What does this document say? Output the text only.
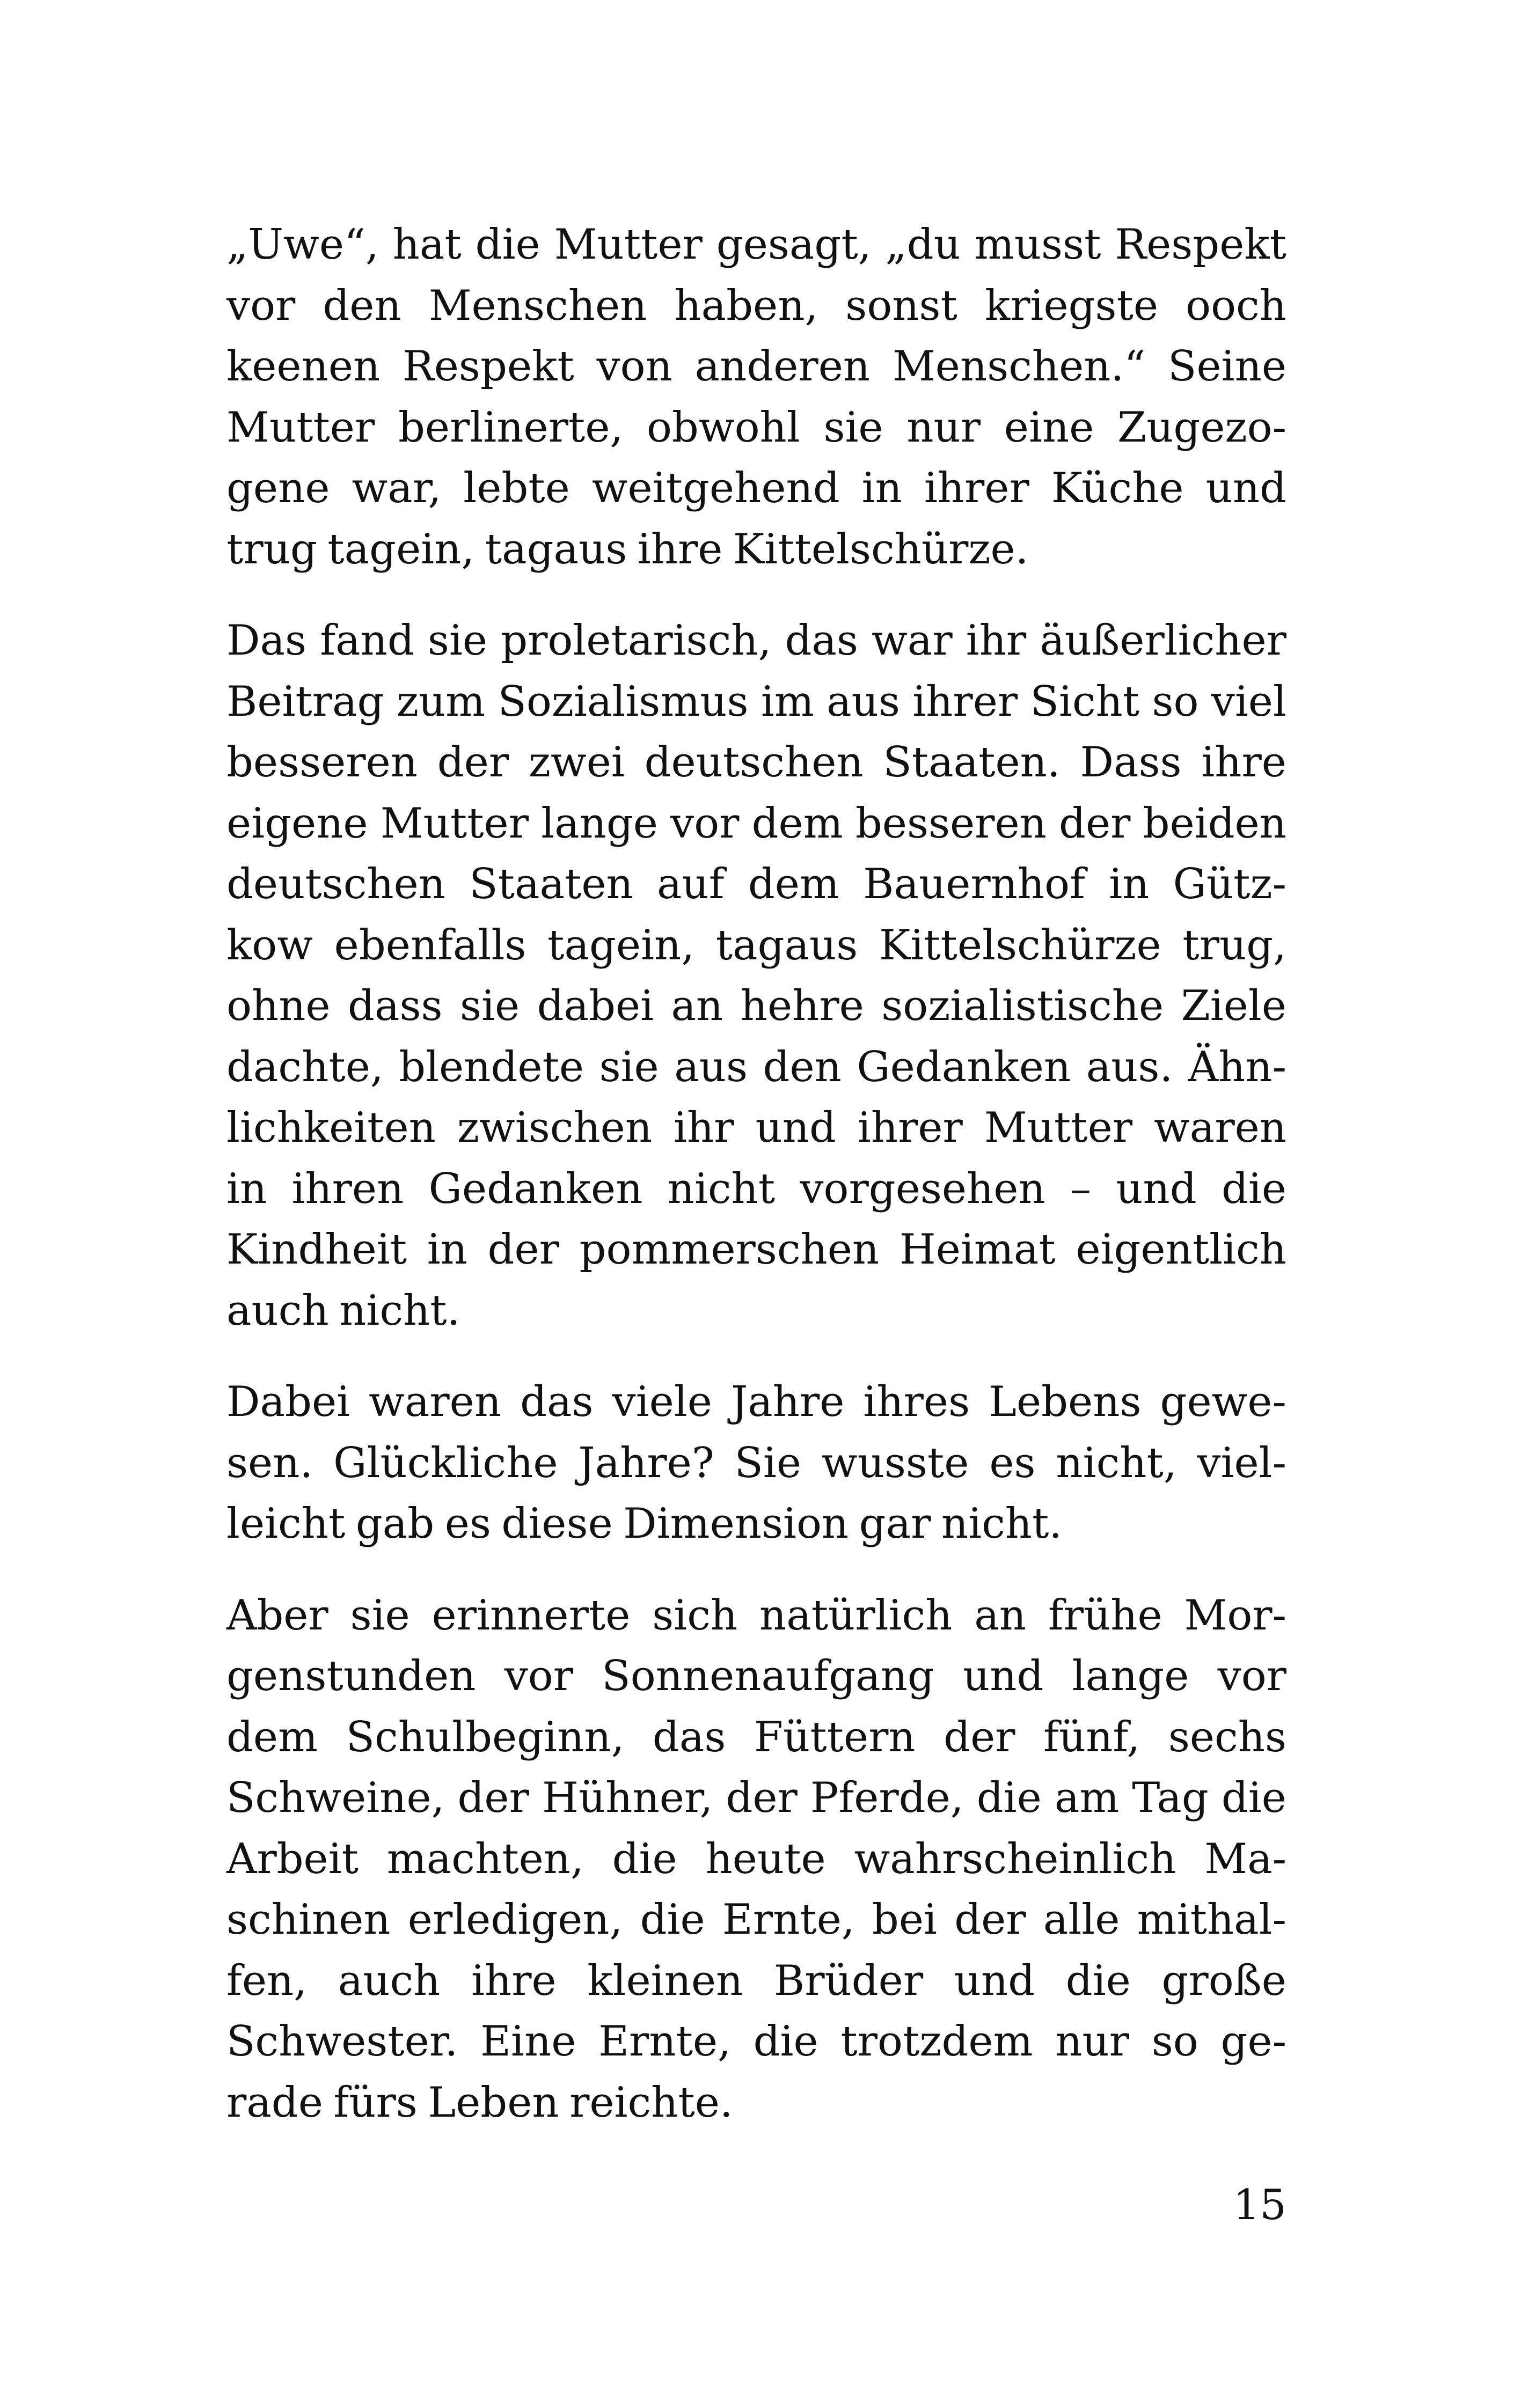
„Uwe“, hat die Mutter gesagt, „du musst Respekt
vor den Menschen haben, sonst kriegste ooch
keenen Respekt von anderen Menschen.“ Seine
Mutter berlinerte, obwohl sie nur eine Zugezo-
gene war, lebte weitgehend in ihrer Küche und
trug tagein, tagaus ihre Kittelschürze.
Das fand sie proletarisch, das war ihr äußerlicher
Beitrag zum Sozialismus im aus ihrer Sicht so viel
besseren der zwei deutschen Staaten. Dass ihre
eigene Mutter lange vor dem besseren der beiden
deutschen Staaten auf dem Bauernhof in Gütz-
kow ebenfalls tagein, tagaus Kittelschürze trug,
ohne dass sie dabei an hehre sozialistische Ziele
dachte, blendete sie aus den Gedanken aus. Ähn-
lichkeiten zwischen ihr und ihrer Mutter waren
in ihren Gedanken nicht vorgesehen – und die
Kindheit in der pommerschen Heimat eigentlich
auch nicht.
Dabei waren das viele Jahre ihres Lebens gewe-
sen. Glückliche Jahre? Sie wusste es nicht, viel-
leicht gab es diese Dimension gar nicht.
Aber sie erinnerte sich natürlich an frühe Mor-
genstunden vor Sonnenaufgang und lange vor
dem Schulbeginn, das Füttern der fünf, sechs
Schweine, der Hühner, der Pferde, die am Tag die
Arbeit machten, die heute wahrscheinlich Ma-
schinen erledigen, die Ernte, bei der alle mithal-
fen, auch ihre kleinen Brüder und die große
Schwester. Eine Ernte, die trotzdem nur so ge-
rade fürs Leben reichte.
15
